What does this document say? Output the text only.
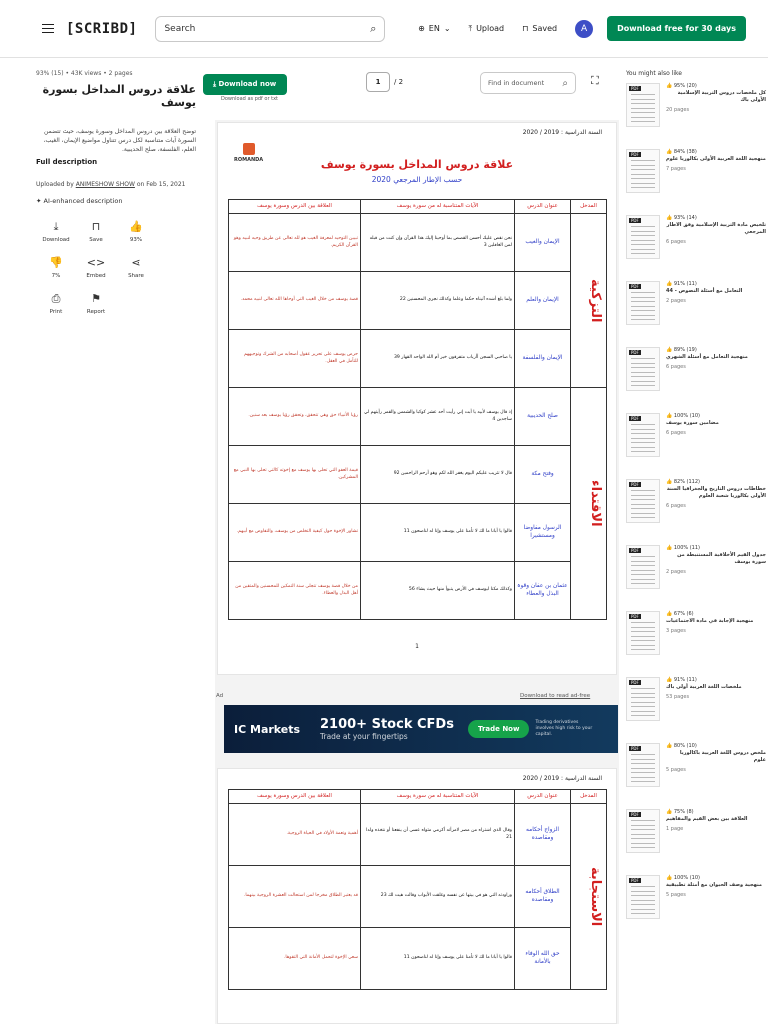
[SCRIBD]	Search	⌕	⊕ EN ⌄ ⤒ Upload ⊓ Saved	A	Download free for 30 days
93% (15) • 43K views • 2 pages
علاقة دروس المداخل بسورة يوسف
توضح العلاقة بين دروس المداخل وسورة يوسف، حيث تتضمن السورة آيات متناسبة لكل درس تتناول مواضيع الإيمان، الغيب، العلم، الفلسفة، صلح الحديبية.
Full description
Uploaded by ANIMESHOW SHOW on Feb 15, 2021
✦ AI-enhanced description
⤓
Download
⊓
Save
👍
93%
👎
7%
<>
Embed
⋖
Share
⎙
Print
⚑
Report
⤓ Download now
Download as pdf or txt
1	/ 2	Find in document ⌕ ⛶
السنة الدراسية : 2019 / 2020
ROMANDA	علاقة دروس المداخل بسورة يوسف
حسب الإطار المرجعي 2020
المدخل	عنوان الدرس	الآيات المتناسبة له من سورة يوسف	العلاقة بين الدرس وسورة يوسف

التزكية	الإيمان والغيب	نحن نقص عليك أحسن القصص بما أوحينا إليك هذا القرآن وإن كنت من قبله لمن الغافلين 3	تبيين التوحيد لمعرفة الغيب هو لله تعالى عن طريق وحيه لنبيه وهو القرآن الكريم.
	الإيمان والعلم	ولما بلغ أشده آتيناه حكما وعلما وكذلك نجزي المحسنين 22	قصة يوسف من خلال الغيب التي أوحاها الله تعالى لنبيه محمد.
	الإيمان والفلسفة	يا صاحبي السجن أأرباب متفرقون خير أم الله الواحد القهار 39	حرص يوسف على تحرير عقول أصحابه من الشرك وتوجيههم للتأمل في العقل.

الاقتداء	صلح الحديبية	إذ قال يوسف لأبيه يا أبت إني رأيت أحد عشر كوكبا والشمس والقمر رأيتهم لي ساجدين 4	رؤيا الأنبياء حق وهي تتحقق، وتحقق رؤيا يوسف بعد سنين.
	وفتح مكة	قال لا تثريب عليكم اليوم يغفر الله لكم وهو أرحم الراحمين 92	قيمة العفو التي تحلى بها يوسف مع إخوته كالتي تحلى بها النبي مع المشركين.
	الرسول مفاوضا ومستشيرا	قالوا يا أبانا ما لك لا تأمنا على يوسف وإنا له لناصحون 11	تشاور الإخوة حول كيفية التخلص من يوسف، والتفاوض مع أبيهم.
	عثمان بن عفان وقوة البذل والعطاء	وكذلك مكنا ليوسف في الأرض يتبوأ منها حيث يشاء 56	من خلال قصة يوسف تتجلى سنة التمكين للمحسنين والمتقين من أهل البذل والعطاء.
1
السنة الدراسية : 2019 / 2020
المدخل	عنوان الدرس	الآيات المتناسبة له من سورة يوسف	العلاقة بين الدرس وسورة يوسف

الاستجابة	الزواج أحكامه ومقاصده	وقال الذي اشتراه من مصر لامرأته أكرمي مثواه عسى أن ينفعنا أو نتخذه ولدا 21	أهمية وتعمة الأولاد في الحياة الزوجية.
	الطلاق أحكامه ومقاصده	وراودته التي هو في بيتها عن نفسه وغلقت الأبواب وقالت هيت لك 23	قد يعتبر الطلاق مخرجا لمن استحالت العشرة الزوجية بينهما.
	حق الله الوفاء بالأمانة	قالوا يا أبانا ما لك لا تأمنا على يوسف وإنا له لناصحون 11	سعي الإخوة لتحمل الأمانة التي التقوها.
Ad	Download to read ad-free
IC Markets	2100+ Stock CFDs
Trade at your fingertips
Trade Now
Trading derivatives involves high risk to your capital.
You might also like
PDF	👍 95% (20)
كل ملخصات دروس التربية الإسلامية الأولى باك
20 pages
PDF	👍 84% (38)
منهجية اللغة العربية الأولى بكالوريا علوم
7 pages
PDF	👍 93% (14)
تلخيص مادة التربية الإسلامية وفق الاطار المرجعي
6 pages
PDF	👍 91% (11)
التعامل مع أسئلة النصوص - 44
2 pages
PDF	👍 89% (19)
منهجية التعامل مع أسئلة الشهري
6 pages
PDF	👍 100% (10)
مضامين سورة يوسف
6 pages
PDF	👍 82% (112)
خطاطات دروس التاريخ والجغرافيا السنة الأولى بكالوريا شعبة العلوم
6 pages
PDF	👍 100% (11)
جدول القيم الأخلاقية المستنبطة من سورة يوسف
2 pages
PDF	👍 67% (6)
منهجية الإجابة في مادة الاجتماعيات
3 pages
PDF	👍 91% (11)
ملخصات اللغة العربية أولى باك
53 pages
PDF	👍 80% (10)
ملخص دروس اللغة العربية باكالوريا علوم
5 pages
PDF	👍 75% (8)
العلاقة بين بعض القيم والمفاهيم
1 page
PDF	👍 100% (10)
منهجية وصف الحيوان مع أمثلة تطبيقية
5 pages
